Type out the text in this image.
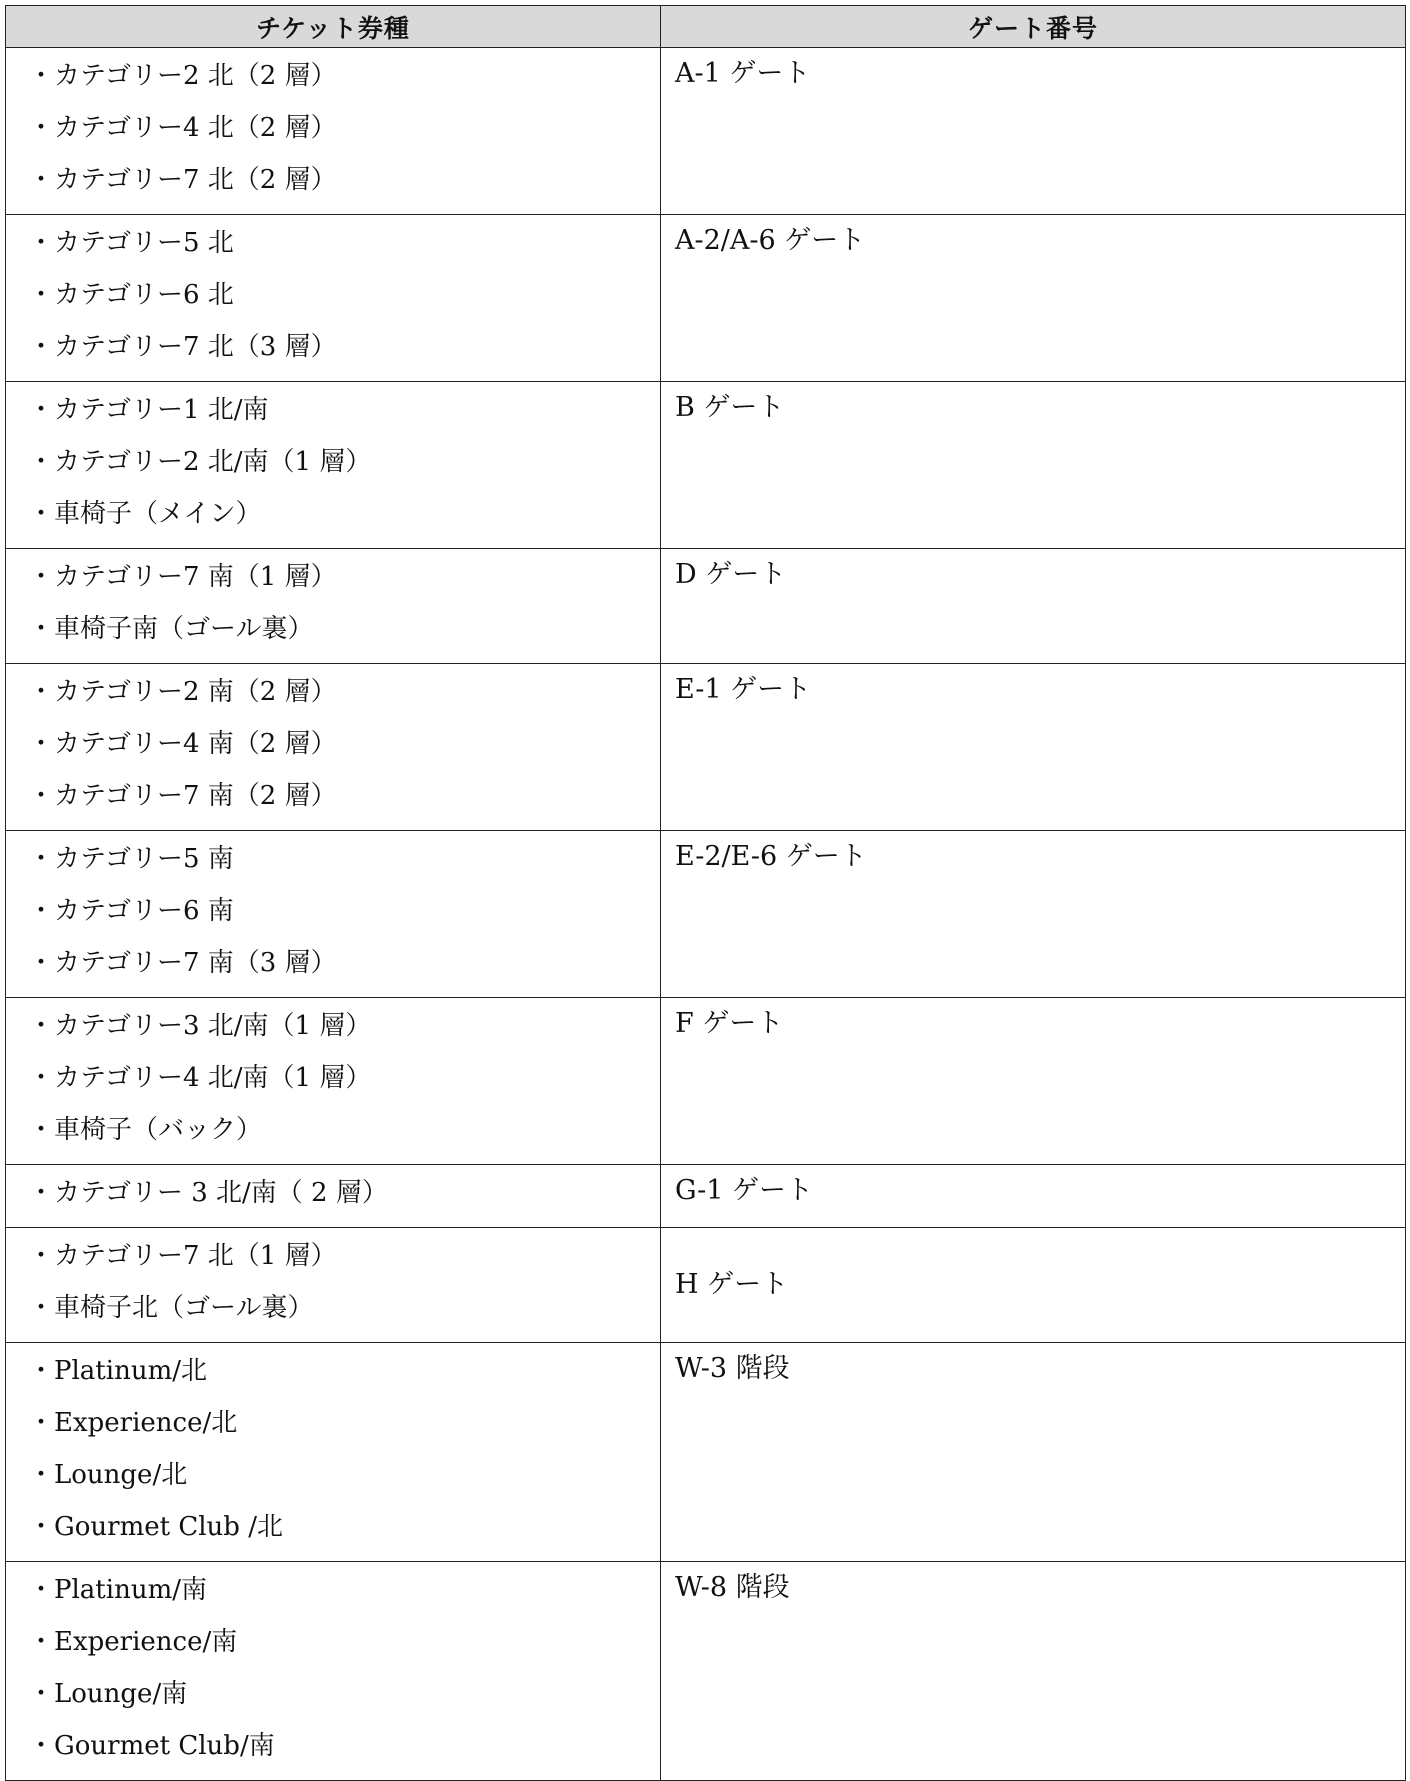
チケット券種	ゲート番号

・ カテゴリー2 北（2 層）
・ カテゴリー4 北（2 層）
・ カテゴリー7 北（2 層）	A-1 ゲート

・ カテゴリー5 北
・ カテゴリー6 北
・ カテゴリー7 北（3 層）	A-2/A-6 ゲート

・ カテゴリー1 北/南
・ カテゴリー2 北/南（1 層）
・ 車椅子（メイン）	B ゲート

・ カテゴリー7 南（1 層）
・ 車椅子南（ゴール裏）	D ゲート

・ カテゴリー2 南（2 層）
・ カテゴリー4 南（2 層）
・ カテゴリー7 南（2 層）	E-1 ゲート

・ カテゴリー5 南
・ カテゴリー6 南
・ カテゴリー7 南（3 層）	E-2/E-6 ゲート

・ カテゴリー3 北/南（1 層）
・ カテゴリー4 北/南（1 層）
・ 車椅子（バック）	F ゲート

・ カテゴリー 3 北/南（ 2 層）	G-1 ゲート

・ カテゴリー7 北（1 層）
・ 車椅子北（ゴール裏）	H ゲート

・ Platinum/北
・ Experience/北
・ Lounge/北
・ Gourmet Club /北	W-3 階段

・ Platinum/南
・ Experience/南
・ Lounge/南
・ Gourmet Club/南	W-8 階段
